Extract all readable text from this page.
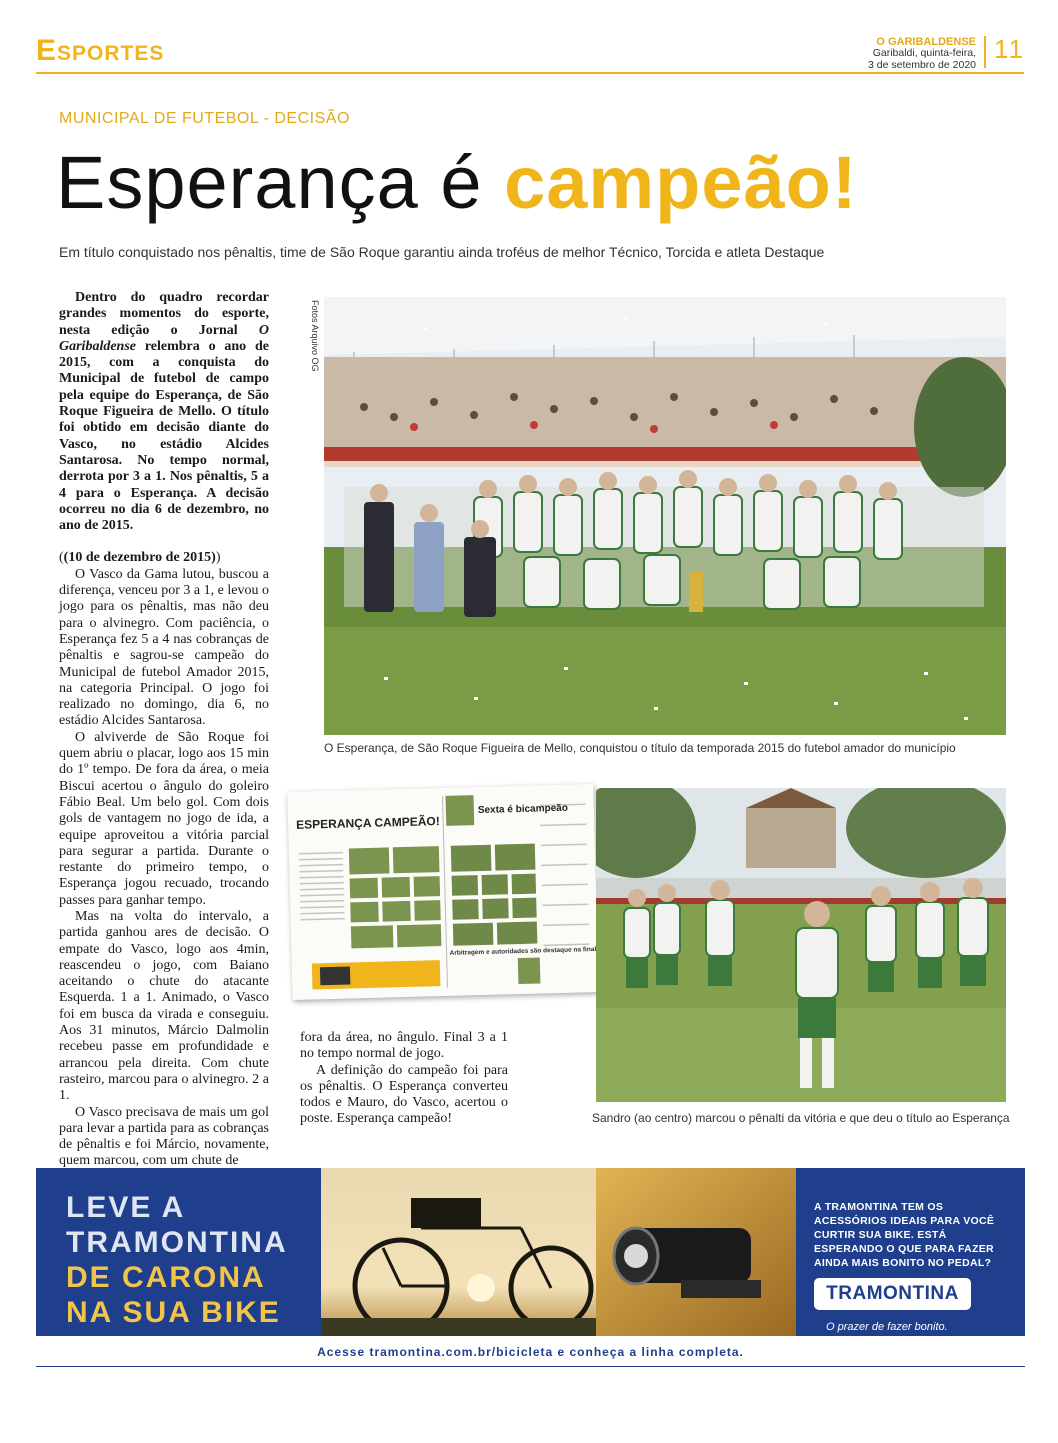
Esportes	O GARIBALDENSE
Garibaldi, quinta-feira,
3 de setembro de 2020
11
MUNICIPAL DE FUTEBOL - DECISÃO
Esperança é campeão!
Em título conquistado nos pênaltis, time de São Roque garantiu ainda troféus de melhor Técnico, Torcida e atleta Destaque

Dentro do quadro recordar grandes momentos do esporte, nesta edição o Jornal O Garibaldense relembra o ano de 2015, com a conquista do Municipal de futebol de campo pela equipe do Esperança, de São Roque Figueira de Mello. O título foi obtido em decisão diante do Vasco, no estádio Alcides Santarosa. No tempo normal, derrota por 3 a 1. Nos pênaltis, 5 a 4 para o Esperança. A decisão ocorreu no dia 6 de dezembro, no ano de 2015.

((10 de dezembro de 2015))

O Vasco da Gama lutou, buscou a diferença, venceu por 3 a 1, e levou o jogo para os pênaltis, mas não deu para o alvinegro. Com paciência, o Esperança fez 5 a 4 nas cobranças de pênaltis e sagrou-se campeão do Municipal de futebol Amador 2015, na categoria Principal. O jogo foi realizado no domingo, dia 6, no estádio Alcides Santarosa.

O alviverde de São Roque foi quem abriu o placar, logo aos 15 min do 1º tempo. De fora da área, o meia Biscui acertou o ângulo do goleiro Fábio Beal. Um belo gol. Com dois gols de vantagem no jogo de ida, a equipe aproveitou a vitória parcial para segurar a partida. Durante o restante do primeiro tempo, o Esperança jogou recuado, trocando passes para ganhar tempo.

Mas na volta do intervalo, a partida ganhou ares de decisão. O empate do Vasco, logo aos 4min, reascendeu o jogo, com Baiano aceitando o chute do atacante Esquerda. 1 a 1. Animado, o Vasco foi em busca da virada e conseguiu. Aos 31 minutos, Márcio Dalmolin recebeu passe em profundidade e arrancou pela direita. Com chute rasteiro, marcou para o alvinegro. 2 a 1.

O Vasco precisava de mais um gol para levar a partida para as cobranças de pênaltis e foi Márcio, novamente, quem marcou, com um chute de

fora da área, no ângulo. Final 3 a 1 no tempo normal de jogo.

A definição do campeão foi para os pênaltis. O Esperança converteu todos e Mauro, do Vasco, acertou o poste. Esperança campeão!

Fotos Arquivo OG
O Esperança, de São Roque Figueira de Mello, conquistou o título da temporada 2015 do futebol amador do município
ESPERANÇA CAMPEÃO!
Sexta é bicampeão
Arbitragem e autoridades são destaque na final
Sandro (ao centro) marcou o pênalti da vitória e que deu o título ao Esperança
LEVE A
TRAMONTINA
DE CARONA
NA SUA BIKE
A TRAMONTINA TEM OS ACESSÓRIOS IDEAIS PARA VOCÊ CURTIR SUA BIKE. ESTÁ ESPERANDO O QUE PARA FAZER AINDA MAIS BONITO NO PEDAL?
TRAMONTINA
O prazer de fazer bonito.
Acesse tramontina.com.br/bicicleta e conheça a linha completa.
